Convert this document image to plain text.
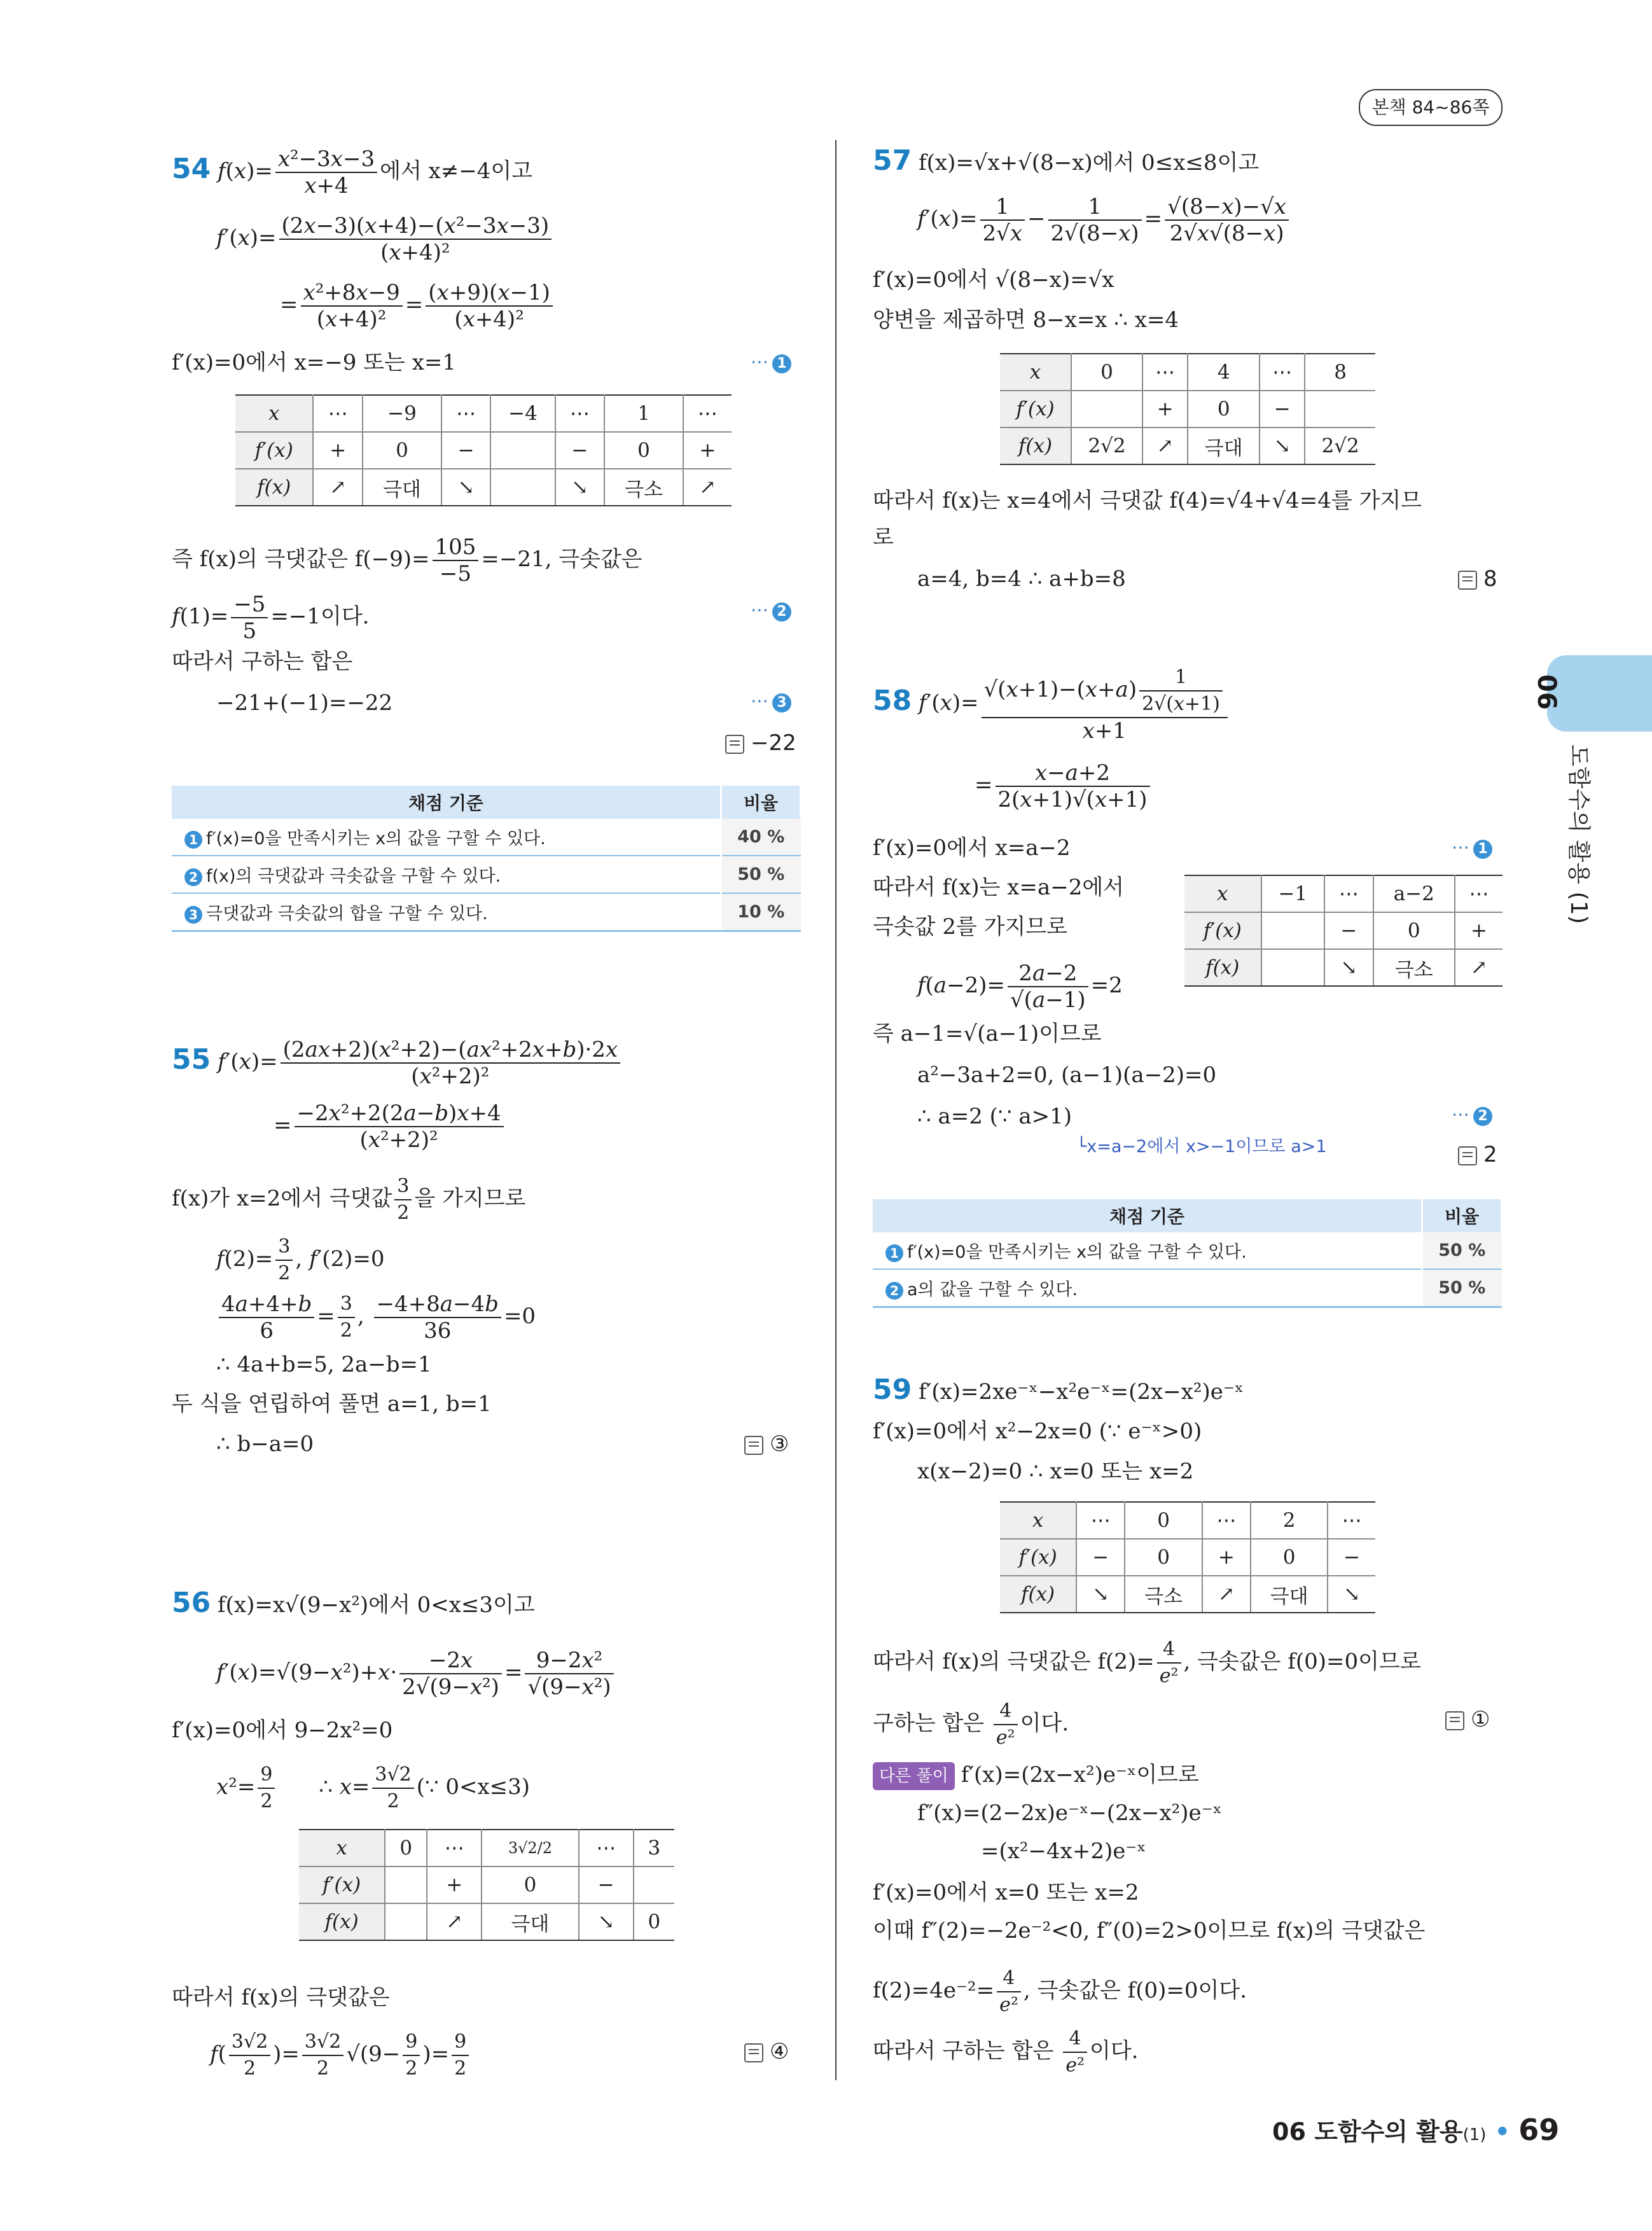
본책 84~86쪽
06
도함수의 활용 (1)
54 $f(x)= \frac{\text{x²−3x−3}}{x+4}$ 에서 x≠−4이고
$f'(x)= \frac{\text{(2x−3)(x+4)−(x²−3x−3)}}{\text{(x+4)²}}$
= $\frac{\text{x²+8x−9}}{\text{(x+4)²}} = \frac{(x+9)(x-1)}{\text{(x+4)²}}$
f′(x)=0에서 x=−9 또는 x=1	⋯ 1
x	⋯	−9	⋯	−4	⋯	1	⋯
f′(x)	+	0	−		−	0	+
f(x)	↗	극대	↘		↘	극소	↗
즉 f(x)의 극댓값은 $f(-9)= \frac{105}{-5} =-21$, 극솟값은
$f(1)= \frac{-5}{5} =-1$이다.	⋯ 2
따라서 구하는 합은
−21+(−1)=−22	⋯ 3
−22
채점 기준	비율
1 f′(x)=0을 만족시키는 x의 값을 구할 수 있다.	40 %
2 f(x)의 극댓값과 극솟값을 구할 수 있다.	50 %
3 극댓값과 극솟값의 합을 구할 수 있다.	10 %
55 $f'(x)= \frac{\text{(2ax+2)(x²+2)−(ax²+2x+b)·2x}}{\text{(x²+2)²}}$
= $\frac{\text{−2x²+2(2a−b)x+4}}{\text{(x²+2)²}}$
f(x)가 x=2에서 극댓값 $\frac{3}{2}$ 을 가지므로
$f(2)= \frac{3}{2}$ , f′(2)=0
$\frac{4a+4+b}{6} = \frac{3}{2}$ , $\frac{-4+8a-4b}{36} =0$
∴ 4a+b=5, 2a−b=1
두 식을 연립하여 풀면 a=1, b=1
∴ b−a=0	③
56 f(x)=x√(9−x²)에서 0<x≤3이고
$f'(x)=√(9-x^2)+x\cdot \frac{-2x}{\text{2√(9−x²)}} = \frac{\text{9−2x²}}{\text{√(9−x²)}}$
f′(x)=0에서 9−2x²=0
$x^2= \frac{9}{2}$ ∴ $x= \frac{3√2}{2}$ (∵ 0<x≤3)
x	0	⋯	3√2/2	⋯	3
f′(x)		+	0	−	
f(x)		↗	극대	↘	0
따라서 f(x)의 극댓값은
$f( \frac{3√2}{2}$ )= $\frac{3√2}{2} √(9- \frac{9}{2}$ )= $\frac{9}{2}$	④
57 f(x)=√x+√(8−x)에서 0≤x≤8이고
$f'(x)= \frac{1}{2√x} - \frac{1}{2√(8-x)} = \frac{√(8-x)-√x}{2√x√(8-x)}$
f′(x)=0에서 √(8−x)=√x
양변을 제곱하면 8−x=x ∴ x=4
x	0	⋯	4	⋯	8
f′(x)		+	0	−	
f(x)	2√2	↗	극대	↘	2√2
따라서 f(x)는 x=4에서 극댓값 f(4)=√4+√4=4를 가지므
로
a=4, b=4 ∴ a+b=8	8
58 $f'(x)= \frac{√(x+1)-(x+a) \frac{1}{2√(x+1)}}{x+1}$
= $\frac{x-a+2}{2(x+1)√(x+1)}$
f′(x)=0에서 x=a−2	⋯ 1
따라서 f(x)는 x=a−2에서
극솟값 2를 가지므로
x	−1	⋯	a−2	⋯
f′(x)		−	0	+
f(x)		↘	극소	↗
$f(a-2)= \frac{2a-2}{√(a-1)} =2$
즉 a−1=√(a−1)이므로
a²−3a+2=0, (a−1)(a−2)=0
∴ a=2 (∵ a>1)	⋯ 2
└x=a−2에서 x>−1이므로 a>1	2
채점 기준	비율
1 f′(x)=0을 만족시키는 x의 값을 구할 수 있다.	50 %
2 a의 값을 구할 수 있다.	50 %
59 f′(x)=2xe⁻ˣ−x²e⁻ˣ=(2x−x²)e⁻ˣ
f′(x)=0에서 x²−2x=0 (∵ e⁻ˣ>0)
x(x−2)=0 ∴ x=0 또는 x=2
x	⋯	0	⋯	2	⋯
f′(x)	−	0	+	0	−
f(x)	↘	극소	↗	극대	↘
따라서 f(x)의 극댓값은 $f(2)= \frac{4}{\text{e²}}$ , 극솟값은 f(0)=0이므로
구하는 합은 $\frac{4}{\text{e²}}$ 이다.	①
다른 풀이 f′(x)=(2x−x²)e⁻ˣ이므로
f″(x)=(2−2x)e⁻ˣ−(2x−x²)e⁻ˣ
=(x²−4x+2)e⁻ˣ
f′(x)=0에서 x=0 또는 x=2
이때 f″(2)=−2e⁻²<0, f″(0)=2>0이므로 f(x)의 극댓값은
$f(2)=4e^{-2}= \frac{4}{\text{e²}}$ , 극솟값은 f(0)=0이다.
따라서 구하는 합은 $\frac{4}{\text{e²}}$ 이다.
06 도함수의 활용(1) • 69
